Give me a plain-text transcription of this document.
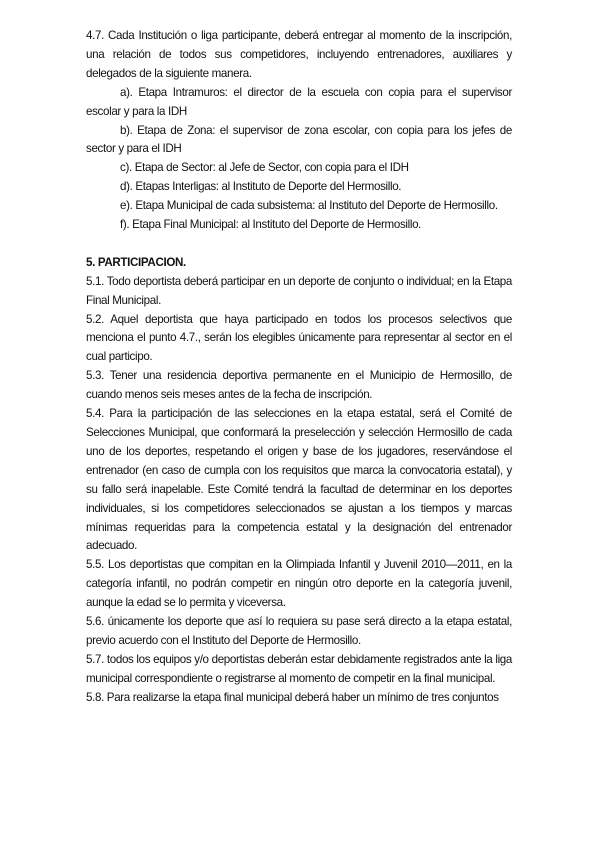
4.7. Cada Institución o liga participante, deberá entregar al momento de la inscripción, una relación de todos sus competidores, incluyendo entrenadores, auxiliares y delegados de la siguiente manera.

a). Etapa Intramuros: el director de la escuela con copia para el supervisor escolar y para la IDH

b). Etapa de Zona: el supervisor de zona escolar, con copia para los jefes de sector y para el IDH

c). Etapa de Sector: al Jefe de Sector, con copia para el IDH

d). Etapas Interligas: al Instituto de Deporte del Hermosillo.

e). Etapa Municipal de cada subsistema: al Instituto del Deporte de Hermosillo.

f). Etapa Final Municipal: al Instituto del Deporte de Hermosillo.

5. PARTICIPACION.

5.1. Todo deportista deberá participar en un deporte de conjunto o individual; en la Etapa Final Municipal.

5.2. Aquel deportista que haya participado en todos los procesos selectivos que menciona el punto 4.7., serán los elegibles únicamente para representar al sector en el cual participo.

5.3. Tener una residencia deportiva permanente en el Municipio de Hermosillo, de cuando menos seis meses antes de la fecha de inscripción.

5.4. Para la participación de las selecciones en la etapa estatal, será el Comité de Selecciones Municipal, que conformará la preselección y selección Hermosillo de cada uno de los deportes, respetando el origen y base de los jugadores, reservándose el entrenador (en caso de cumpla con los requisitos que marca la convocatoria estatal), y su fallo será inapelable. Este Comité tendrá la facultad de determinar en los deportes individuales, si los competidores seleccionados se ajustan a los tiempos y marcas mínimas requeridas para la competencia estatal y la designación del entrenador adecuado.

5.5. Los deportistas que compitan en la Olimpiada Infantil y Juvenil 2010—2011, en la categoría infantil, no podrán competir en ningún otro deporte en la categoría juvenil, aunque la edad se lo permita y viceversa.

5.6. únicamente los deporte que así lo requiera su pase será directo a la etapa estatal, previo acuerdo con el Instituto del Deporte de Hermosillo.

5.7. todos los equipos y/o deportistas deberán estar debidamente registrados ante la liga municipal correspondiente o registrarse al momento de competir en la final municipal.

5.8. Para realizarse la etapa final municipal deberá haber un mínimo de tres conjuntos
